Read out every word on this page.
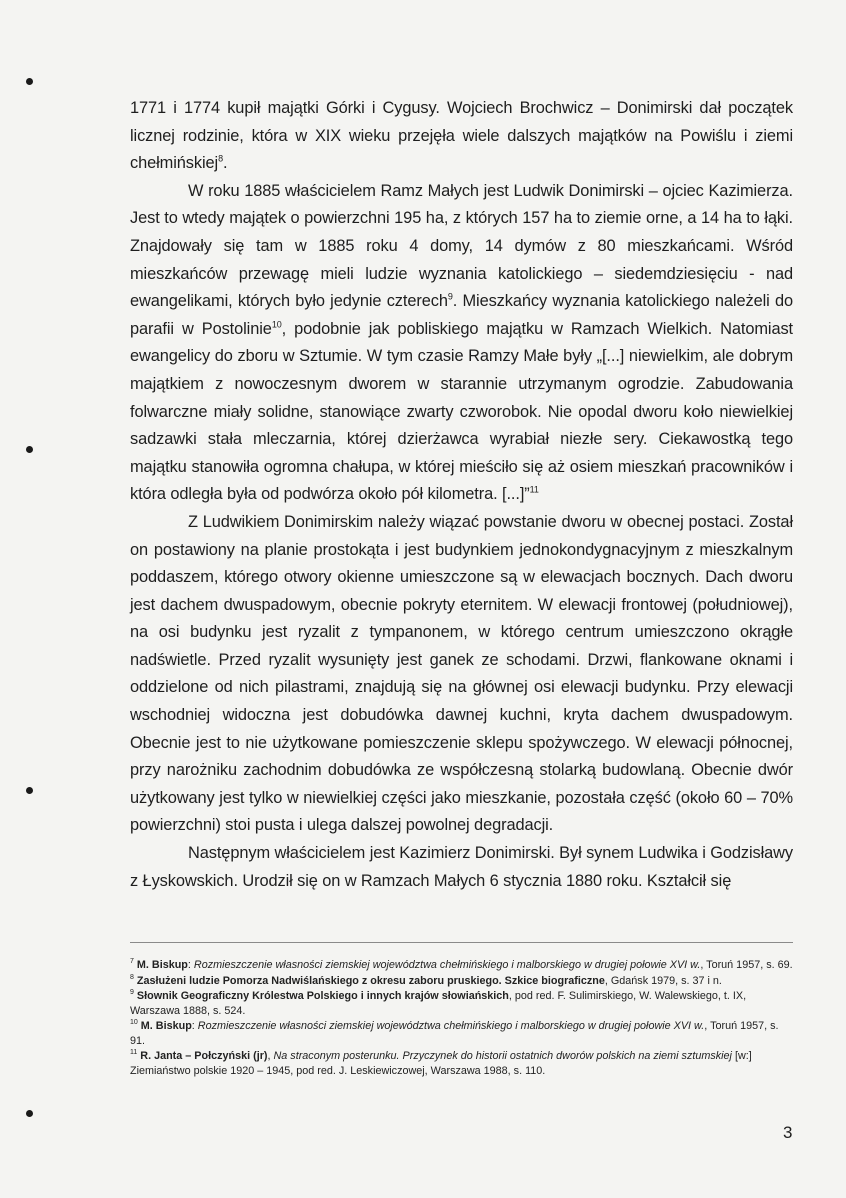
1771 i 1774 kupił majątki Górki i Cygusy. Wojciech Brochwicz – Donimirski dał początek licznej rodzinie, która w XIX wieku przejęła wiele dalszych majątków na Powiślu i ziemi chełmińskiej$^8$.

W roku 1885 właścicielem Ramz Małych jest Ludwik Donimirski – ojciec Kazimierza. Jest to wtedy majątek o powierzchni 195 ha, z których 157 ha to ziemie orne, a 14 ha to łąki. Znajdowały się tam w 1885 roku 4 domy, 14 dymów z 80 mieszkańcami. Wśród mieszkańców przewagę mieli ludzie wyznania katolickiego – siedemdziesięciu - nad ewangelikami, których było jedynie czterech$^9$. Mieszkańcy wyznania katolickiego należeli do parafii w Postolinie$^{10}$, podobnie jak pobliskiego majątku w Ramzach Wielkich. Natomiast ewangelicy do zboru w Sztumie. W tym czasie Ramzy Małe były „[...] niewielkim, ale dobrym majątkiem z nowoczesnym dworem w starannie utrzymanym ogrodzie. Zabudowania folwarczne miały solidne, stanowiące zwarty czworobok. Nie opodal dworu koło niewielkiej sadzawki stała mleczarnia, której dzierżawca wyrabiał niezłe sery. Ciekawostką tego majątku stanowiła ogromna chałupa, w której mieściło się aż osiem mieszkań pracowników i która odległa była od podwórza około pół kilometra. [...]”$^{11}$

Z Ludwikiem Donimirskim należy wiązać powstanie dworu w obecnej postaci. Został on postawiony na planie prostokąta i jest budynkiem jednokondygnacyjnym z mieszkalnym poddaszem, którego otwory okienne umieszczone są w elewacjach bocznych. Dach dworu jest dachem dwuspadowym, obecnie pokryty eternitem. W elewacji frontowej (południowej), na osi budynku jest ryzalit z tympanonem, w którego centrum umieszczono okrągłe nadświetle. Przed ryzalit wysunięty jest ganek ze schodami. Drzwi, flankowane oknami i oddzielone od nich pilastrami, znajdują się na głównej osi elewacji budynku. Przy elewacji wschodniej widoczna jest dobudówka dawnej kuchni, kryta dachem dwuspadowym. Obecnie jest to nie użytkowane pomieszczenie sklepu spożywczego. W elewacji północnej, przy narożniku zachodnim dobudówka ze współczesną stolarką budowlaną. Obecnie dwór użytkowany jest tylko w niewielkiej części jako mieszkanie, pozostała część (około 60 – 70% powierzchni) stoi pusta i ulega dalszej powolnej degradacji.

Następnym właścicielem jest Kazimierz Donimirski. Był synem Ludwika i Godzisławy z Łyskowskich. Urodził się on w Ramzach Małych 6 stycznia 1880 roku. Kształcił się

$^7$ M. Biskup: Rozmieszczenie własności ziemskiej województwa chełmińskiego i malborskiego w drugiej połowie XVI w., Toruń 1957, s. 69.

$^8$ Zasłużeni ludzie Pomorza Nadwiślańskiego z okresu zaboru pruskiego. Szkice biograficzne, Gdańsk 1979, s. 37 i n.

$^9$ Słownik Geograficzny Królestwa Polskiego i innych krajów słowiańskich, pod red. F. Sulimirskiego, W. Walewskiego, t. IX, Warszawa 1888, s. 524.

$^{10}$ M. Biskup: Rozmieszczenie własności ziemskiej województwa chełmińskiego i malborskiego w drugiej połowie XVI w., Toruń 1957, s. 91.

$^{11}$ R. Janta – Połczyński (jr), Na straconym posterunku. Przyczynek do historii ostatnich dworów polskich na ziemi sztumskiej [w:] Ziemiaństwo polskie 1920 – 1945, pod red. J. Leskiewiczowej, Warszawa 1988, s. 110.

3
